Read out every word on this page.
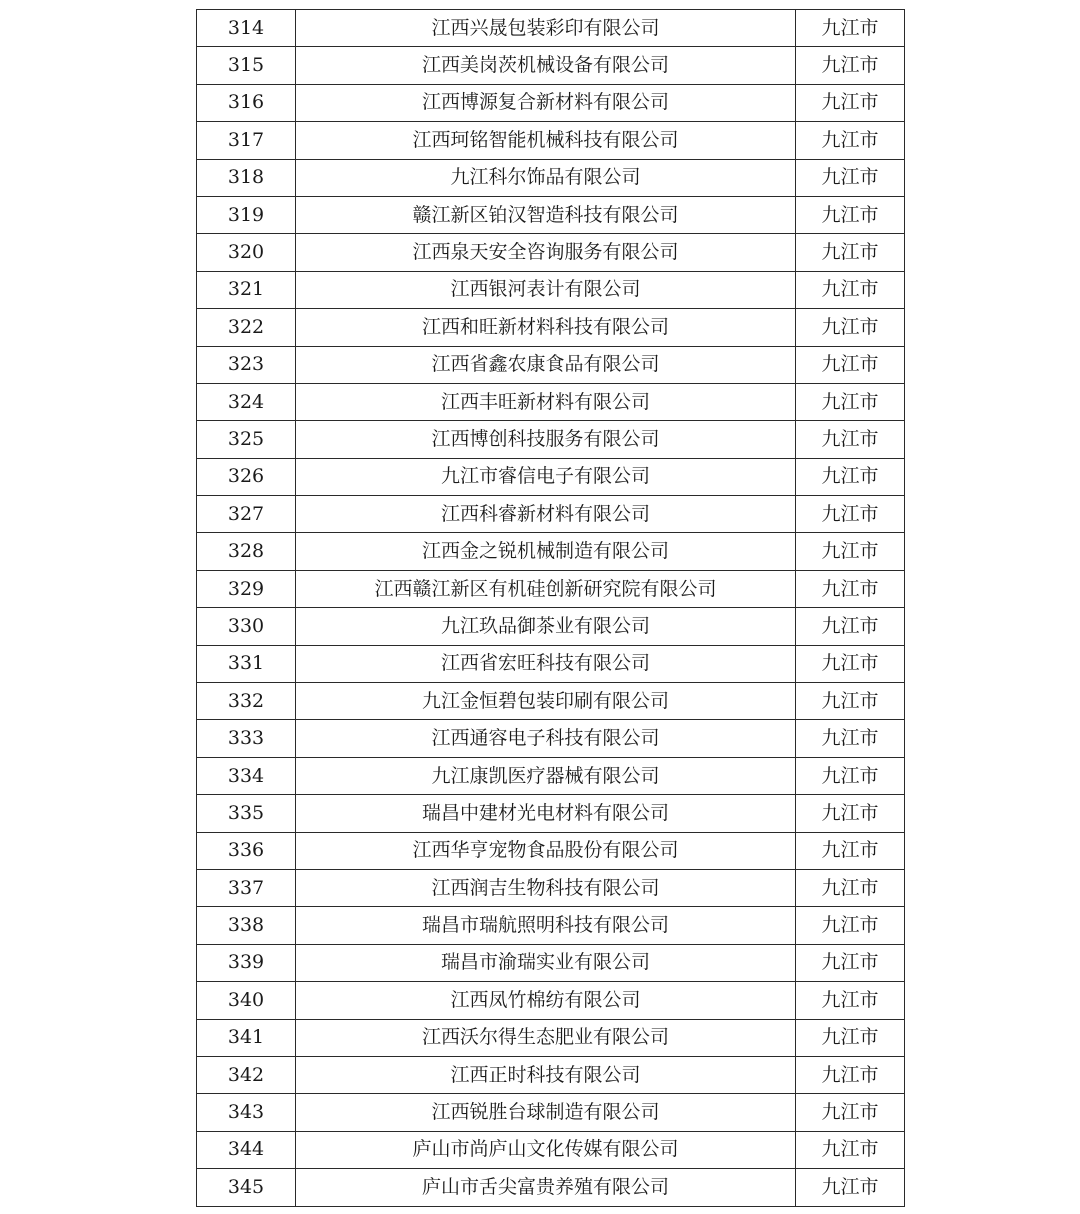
314	江西兴晟包装彩印有限公司	九江市
315	江西美岗茨机械设备有限公司	九江市
316	江西博源复合新材料有限公司	九江市
317	江西珂铭智能机械科技有限公司	九江市
318	九江科尔饰品有限公司	九江市
319	赣江新区铂汉智造科技有限公司	九江市
320	江西泉天安全咨询服务有限公司	九江市
321	江西银河表计有限公司	九江市
322	江西和旺新材料科技有限公司	九江市
323	江西省鑫农康食品有限公司	九江市
324	江西丰旺新材料有限公司	九江市
325	江西博创科技服务有限公司	九江市
326	九江市睿信电子有限公司	九江市
327	江西科睿新材料有限公司	九江市
328	江西金之锐机械制造有限公司	九江市
329	江西赣江新区有机硅创新研究院有限公司	九江市
330	九江玖品御茶业有限公司	九江市
331	江西省宏旺科技有限公司	九江市
332	九江金恒碧包装印刷有限公司	九江市
333	江西通容电子科技有限公司	九江市
334	九江康凯医疗器械有限公司	九江市
335	瑞昌中建材光电材料有限公司	九江市
336	江西华亨宠物食品股份有限公司	九江市
337	江西润吉生物科技有限公司	九江市
338	瑞昌市瑞航照明科技有限公司	九江市
339	瑞昌市渝瑞实业有限公司	九江市
340	江西凤竹棉纺有限公司	九江市
341	江西沃尔得生态肥业有限公司	九江市
342	江西正时科技有限公司	九江市
343	江西锐胜台球制造有限公司	九江市
344	庐山市尚庐山文化传媒有限公司	九江市
345	庐山市舌尖富贵养殖有限公司	九江市
